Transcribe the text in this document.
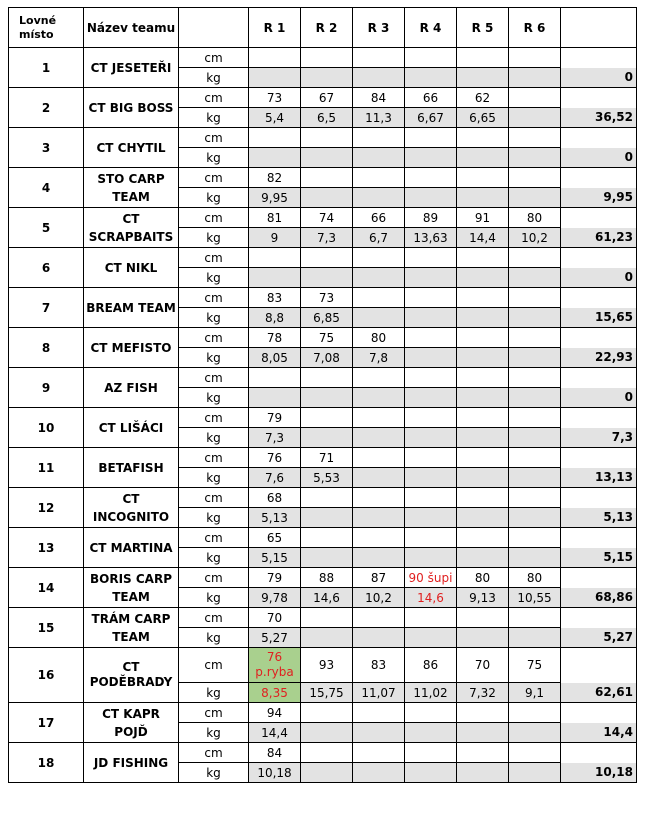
Lovné místo	Název teamu		R 1	R 2	R 3	R 4	R 5	R 6	
1	CT JESETEŘI	cm							
		kg							0
2	CT BIG BOSS	cm	73	67	84	66	62		
		kg	5,4	6,5	11,3	6,67	6,65		36,52
3	CT CHYTIL	cm							
		kg							0
4	STO CARP TEAM	cm	82						
		kg	9,95						9,95
5	CT SCRAPBAITS	cm	81	74	66	89	91	80	
		kg	9	7,3	6,7	13,63	14,4	10,2	61,23
6	CT NIKL	cm							
		kg							0
7	BREAM TEAM	cm	83	73					
		kg	8,8	6,85					15,65
8	CT MEFISTO	cm	78	75	80				
		kg	8,05	7,08	7,8				22,93
9	AZ FISH	cm							
		kg							0
10	CT LIŠÁCI	cm	79						
		kg	7,3						7,3
11	BETAFISH	cm	76	71					
		kg	7,6	5,53					13,13
12	CT INCOGNITO	cm	68						
		kg	5,13						5,13
13	CT MARTINA	cm	65						
		kg	5,15						5,15
14	BORIS CARP TEAM	cm	79	88	87	90 šupi	80	80	
		kg	9,78	14,6	10,2	14,6	9,13	10,55	68,86
15	TRÁM CARP TEAM	cm	70						
		kg	5,27						5,27
16	CT PODĚBRADY	cm	76 p.ryba	93	83	86	70	75	
		kg	8,35	15,75	11,07	11,02	7,32	9,1	62,61
17	CT KAPR POJĎ	cm	94						
		kg	14,4						14,4
18	JD FISHING	cm	84						
		kg	10,18						10,18
